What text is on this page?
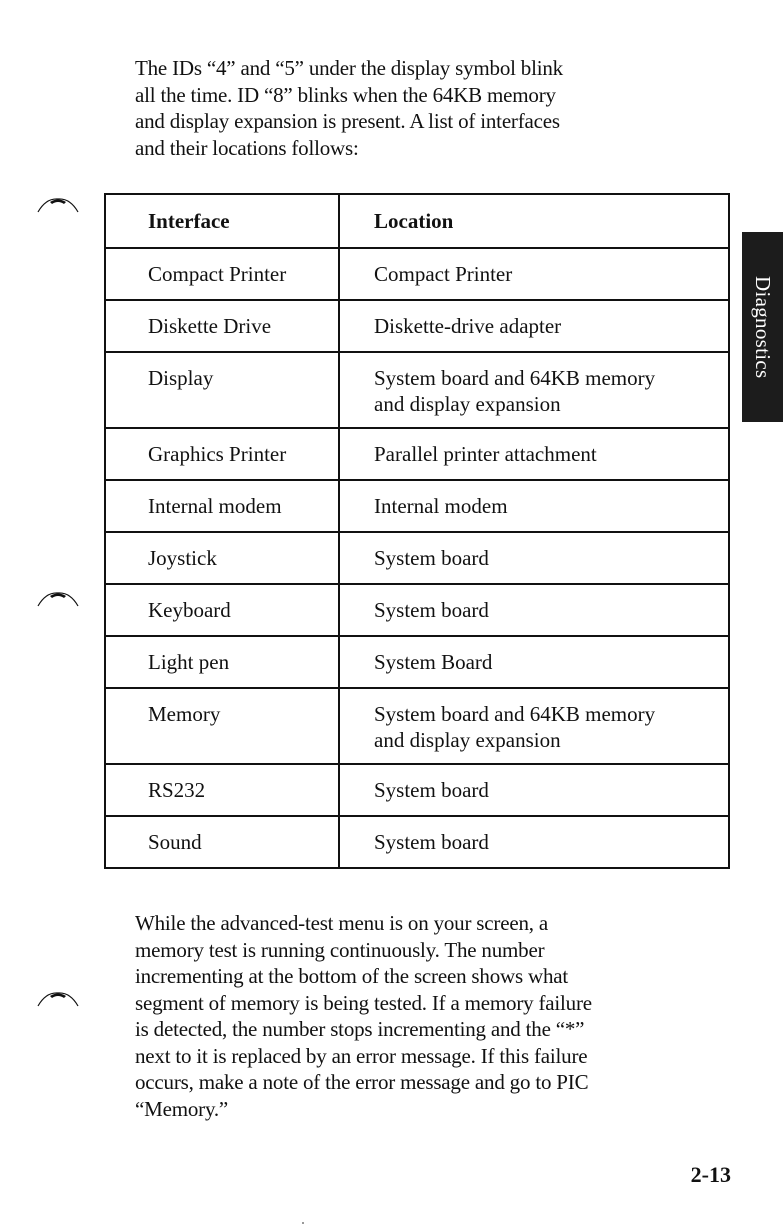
The IDs “4” and “5” under the display symbol blink
all the time. ID “8” blinks when the 64KB memory
and display expansion is present. A list of interfaces
and their locations follows:
Interface	Location
Compact Printer	Compact Printer
Diskette Drive	Diskette-drive adapter
Display	System board and 64KB memory
and display expansion

Graphics Printer	Parallel printer attachment
Internal modem	Internal modem
Joystick	System board
Keyboard	System board
Light pen	System Board
Memory	System board and 64KB memory
and display expansion

RS232	System board
Sound	System board
While the advanced-test menu is on your screen, a
memory test is running continuously. The number
incrementing at the bottom of the screen shows what
segment of memory is being tested. If a memory failure
is detected, the number stops incrementing and the “*”
next to it is replaced by an error message. If this failure
occurs, make a note of the error message and go to PIC
“Memory.”
Diagnostics
2-13
